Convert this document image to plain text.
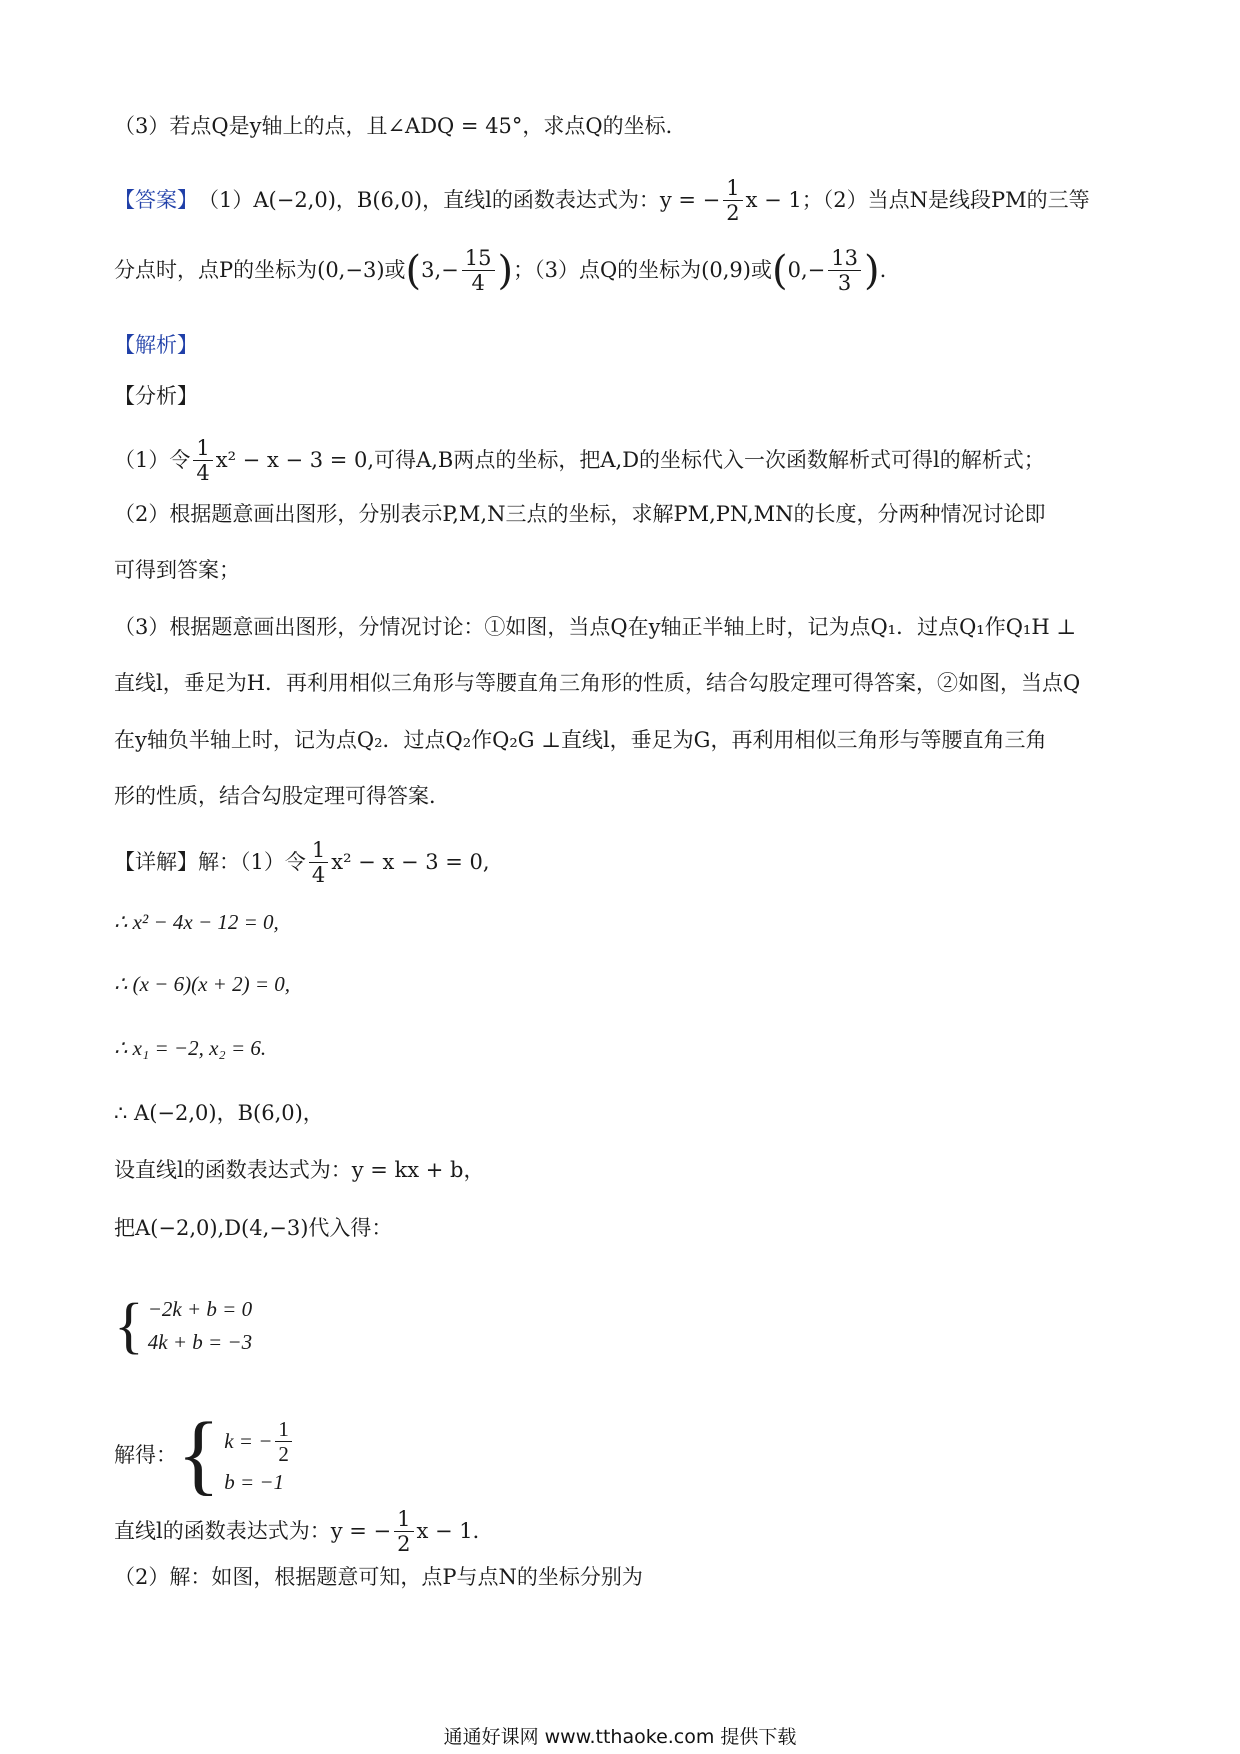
（3）若点Q是y轴上的点，且∠ADQ = 45°，求点Q的坐标．
【答案】 （1）A(−2,0)，B(6,0)，直线l的函数表达式为：y = − $\frac{1}{2}$ x − 1；（2）当点N是线段PM的三等
分点时，点P的坐标为(0,−3)或 ( $3,- \frac{15}{4}$ ) ；（3）点Q的坐标为(0,9)或 ( $0,- \frac{13}{3}$ ) .
【解析】
【分析】
（1）令 $\frac{1}{4} x^2 - x - 3 = 0$,可得A,B两点的坐标，把A,D的坐标代入一次函数解析式可得l的解析式；
（2）根据题意画出图形，分别表示P,M,N三点的坐标，求解PM,PN,MN的长度，分两种情况讨论即
可得到答案；
（3）根据题意画出图形，分情况讨论：①如图，当点Q在y轴正半轴上时，记为点Q₁．过点Q₁作Q₁H ⊥
直线l，垂足为H．再利用相似三角形与等腰直角三角形的性质，结合勾股定理可得答案，②如图，当点Q
在y轴负半轴上时，记为点Q₂．过点Q₂作Q₂G ⊥直线l，垂足为G，再利用相似三角形与等腰直角三角
形的性质，结合勾股定理可得答案．
【详解】 解：（1）令 $\frac{1}{4} x^2 - x - 3 = 0$,
∴ x² − 4x − 12 = 0,
∴ (x − 6)(x + 2) = 0,
∴ x₁ = −2, x₂ = 6.
∴ A(−2,0)，B(6,0)，
设直线l的函数表达式为：y = kx + b，
把A(−2,0),D(4,−3)代入得：
{ −2k + b = 0
4k + b = −3
解得： { k = − $\frac{1}{2}$
b = −1
直线l的函数表达式为：y = − $\frac{1}{2}$ x − 1．
（2）解：如图，根据题意可知，点P与点N的坐标分别为
通通好课网 www.tthaoke.com 提供下载
